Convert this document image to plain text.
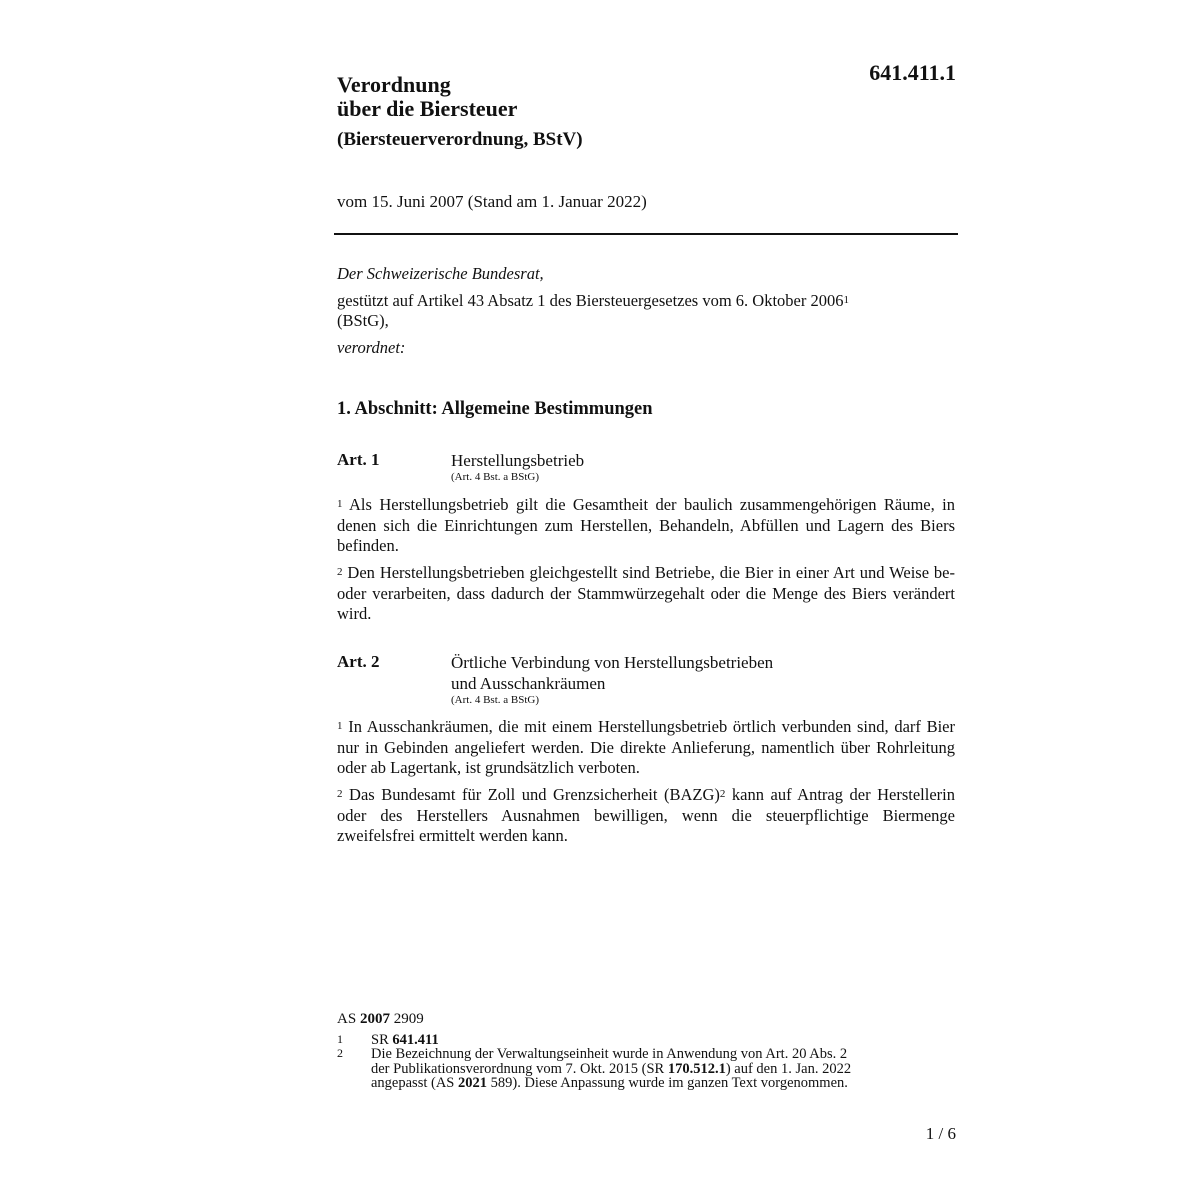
641.411.1
Verordnung
über die Biersteuer
(Biersteuerverordnung, BStV)
vom 15. Juni 2007 (Stand am 1. Januar 2022)
Der Schweizerische Bundesrat,
gestützt auf Artikel 43 Absatz 1 des Biersteuergesetzes vom 6. Oktober 2006$^1$
(BStG),
verordnet:
1. Abschnitt: Allgemeine Bestimmungen
Art. 1	Herstellungsbetrieb
(Art. 4 Bst. a BStG)
$^1$ Als Herstellungsbetrieb gilt die Gesamtheit der baulich zusammengehörigen Räume, in denen sich die Einrichtungen zum Herstellen, Behandeln, Abfüllen und Lagern des Biers befinden.
$^2$ Den Herstellungsbetrieben gleichgestellt sind Betriebe, die Bier in einer Art und Weise be- oder verarbeiten, dass dadurch der Stammwürzegehalt oder die Menge des Biers verändert wird.
Art. 2	Örtliche Verbindung von Herstellungsbetrieben
und Ausschankräumen
(Art. 4 Bst. a BStG)
$^1$ In Ausschankräumen, die mit einem Herstellungsbetrieb örtlich verbunden sind, darf Bier nur in Gebinden angeliefert werden. Die direkte Anlieferung, namentlich über Rohrleitung oder ab Lagertank, ist grundsätzlich verboten.
$^2$ Das Bundesamt für Zoll und Grenzsicherheit (BAZG)$^2$ kann auf Antrag der Herstellerin oder des Herstellers Ausnahmen bewilligen, wenn die steuerpflichtige Biermenge zweifelsfrei ermittelt werden kann.
AS 2007 2909
1 SR 641.411
2 Die Bezeichnung der Verwaltungseinheit wurde in Anwendung von Art. 20 Abs. 2
der Publikationsverordnung vom 7. Okt. 2015 (SR 170.512.1) auf den 1. Jan. 2022
angepasst (AS 2021 589). Diese Anpassung wurde im ganzen Text vorgenommen.
1 / 6
